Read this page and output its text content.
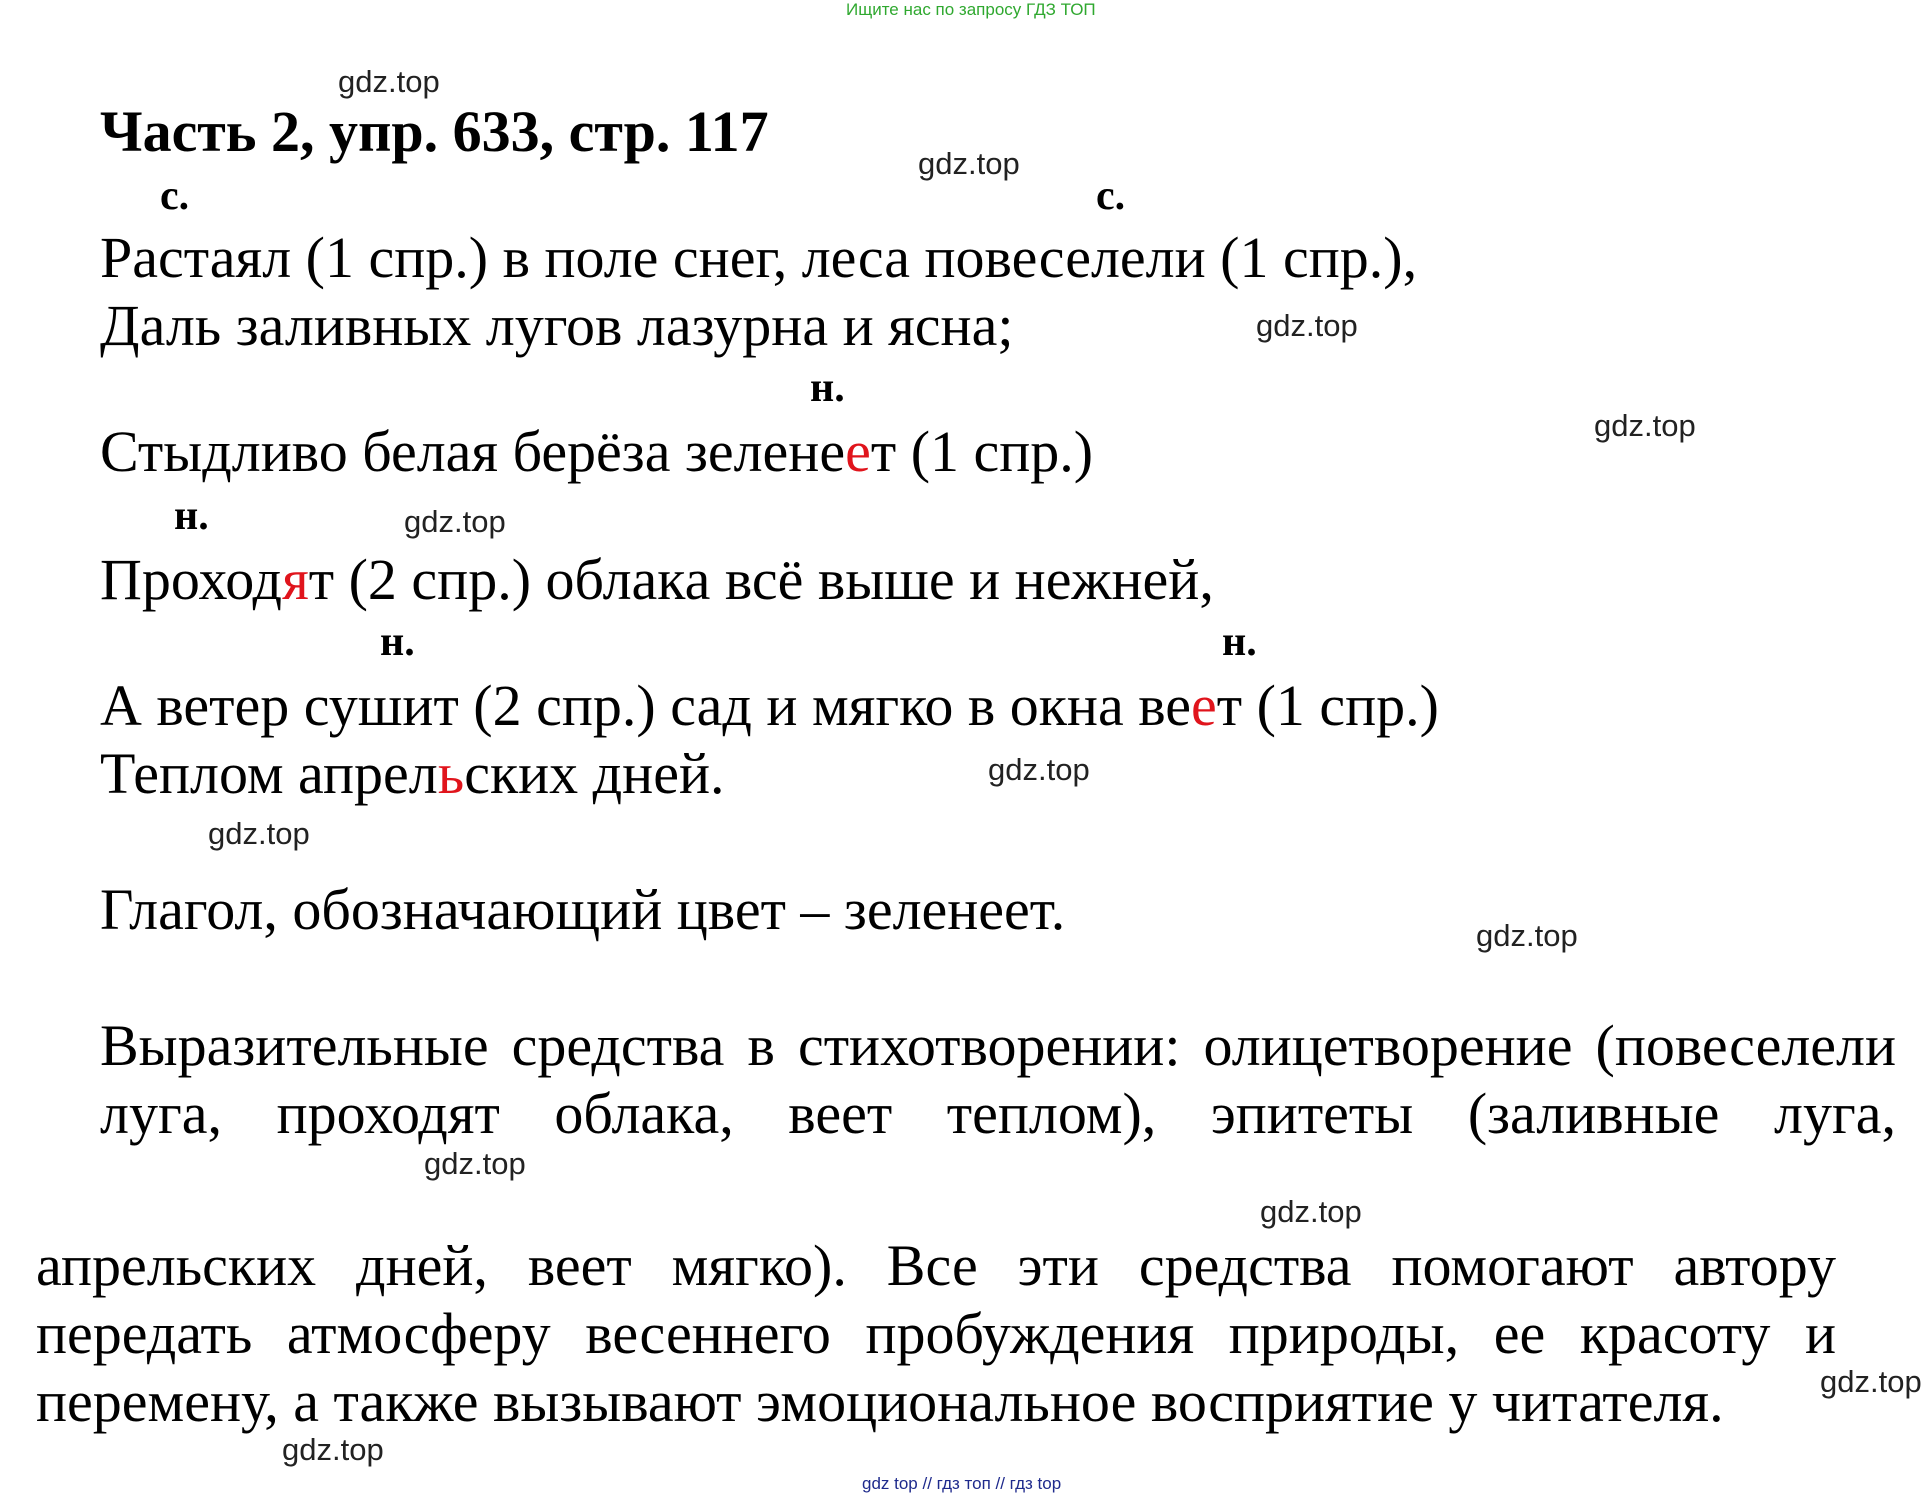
Ищите нас по запросу ГДЗ ТОП
gdz.top
Часть 2, упр. 633, стр. 117	gdz.top
с.	с.
Растаял (1 спр.) в поле снег, леса повеселели (1 спр.),
Даль заливных лугов лазурна и ясна;	gdz.top
н.
gdz.top
Стыдливо белая берёза зеленеет (1 спр.)
н.	gdz.top
Проходят (2 спр.) облака всё выше и нежней,
н.	н.
А ветер сушит (2 спр.) сад и мягко в окна веет (1 спр.)
Теплом апрельских дней.	gdz.top
gdz.top
Глагол, обозначающий цвет – зеленеет.	gdz.top
Выразительные средства в стихотворении: олицетворение (повеселели луга, проходят облака, веет теплом), эпитеты (заливные луга,
gdz.top
gdz.top
апрельских дней, веет мягко). Все эти средства помогают автору передать атмосферу весеннего пробуждения природы, ее красоту и перемену, а также вызывают эмоциональное восприятие у читателя.	gdz.top
gdz.top
gdz top // гдз топ // гдз top
